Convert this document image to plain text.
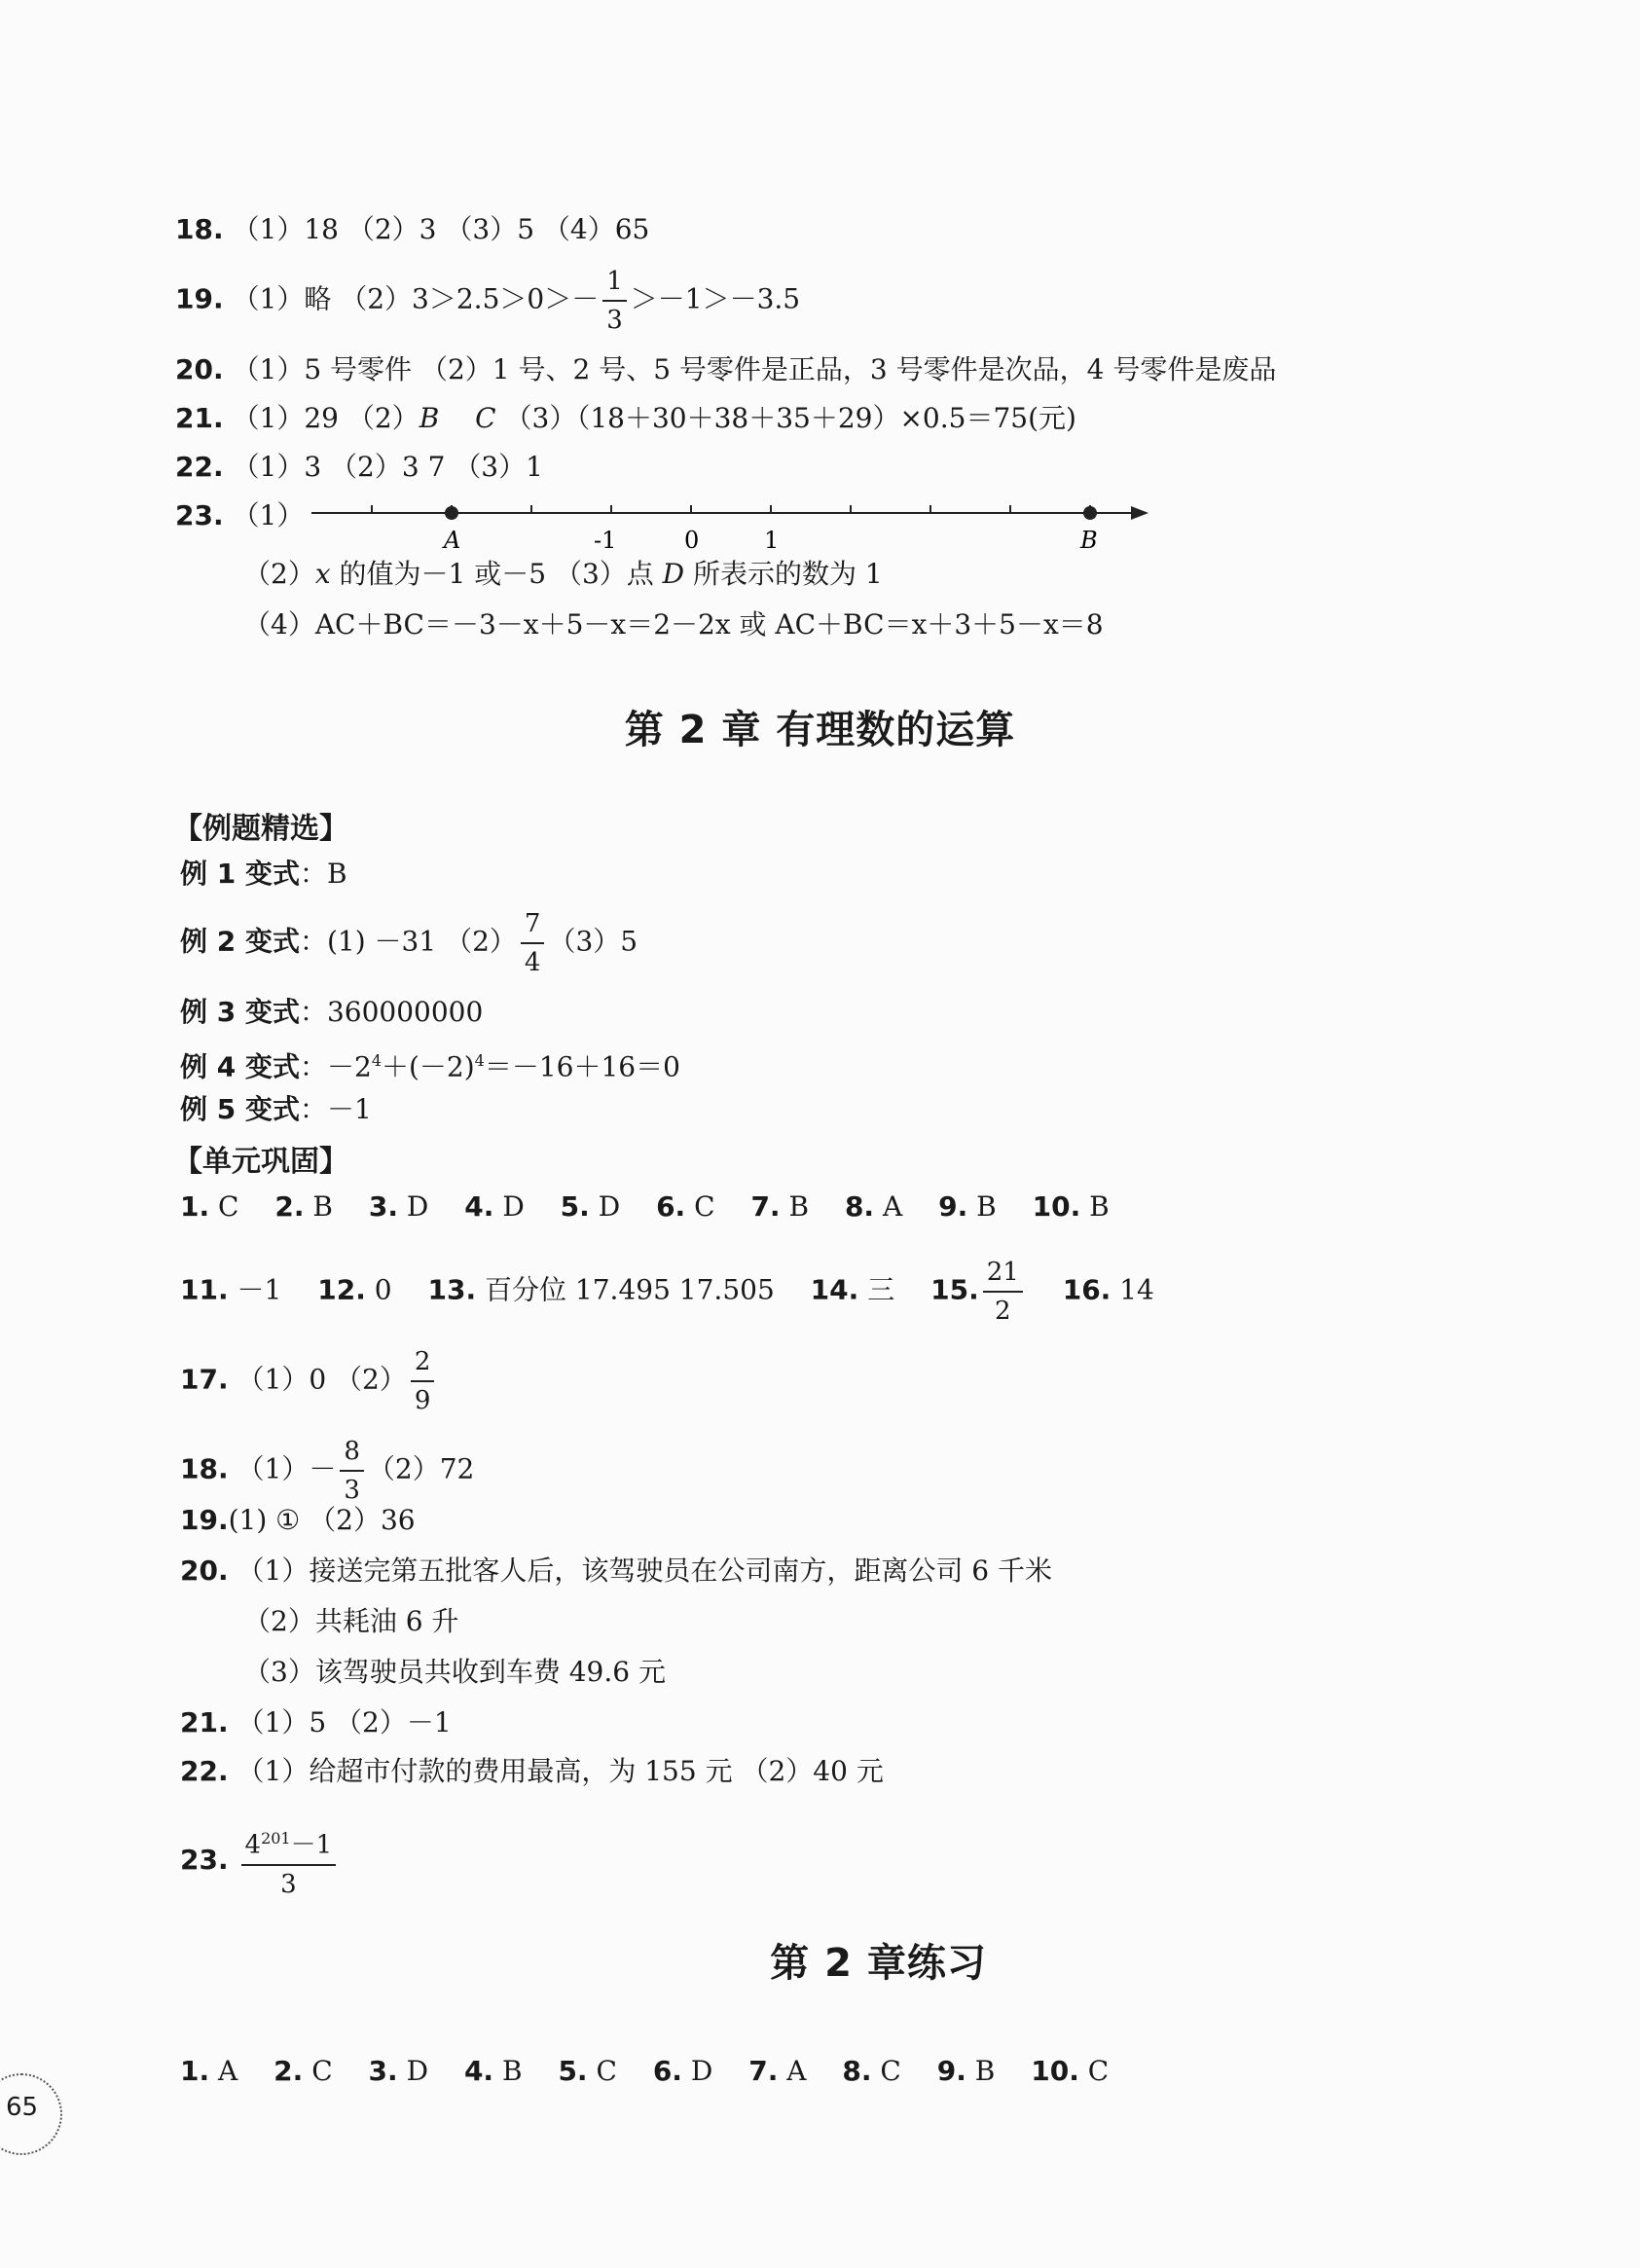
18. （1）18 （2）3 （3）5 （4）65
19. （1）略 $(2)3>2.5>0>- \frac{1}{3} >-1>-3.5$
20. （1）5 号零件 （2）1 号、2 号、5 号零件是正品，3 号零件是次品，4 号零件是废品
21. （1）29 （2）B C （3）（18＋30＋38＋35＋29）×0.5＝75(元)
22. （1）3 （2）3 7 （3）1
23. （1）
A	B
-1	0	1
（2）x 的值为－1 或－5 （3）点 D 所表示的数为 1
（4）AC＋BC＝－3－x＋5－x＝2－2x 或 AC＋BC＝x＋3＋5－x＝8
第 2 章 有理数的运算
【例题精选】
例 1 变式：B
例 2 变式：(1) －31 $(2) \frac{7}{4} (3)5$
例 3 变式：360000000
例 4 变式：$-2^4+(-2)^4=-16+16=0$
例 5 变式：－1
【单元巩固】
1. C 2. B 3. D 4. D 5. D 6. C 7. B 8. A 9. B 10. B
11. －1 12. 0 13. 百分位 17.495 17.505 14. 三 15. $\frac{21}{2} 16$. 14
17. （1）0 $(2) \frac{2}{9}$
18. $(1)- \frac{8}{3} (2)72$
19.(1) ① （2）36
20. （1）接送完第五批客人后，该驾驶员在公司南方，距离公司 6 千米
（2）共耗油 6 升
（3）该驾驶员共收到车费 49.6 元
21. （1）5 （2）－1
22. （1）给超市付款的费用最高，为 155 元 （2）40 元
23. $\frac{4^{201}-1}{3}$
第 2 章练习
1. A 2. C 3. D 4. B 5. C 6. D 7. A 8. C 9. B 10. C
65
